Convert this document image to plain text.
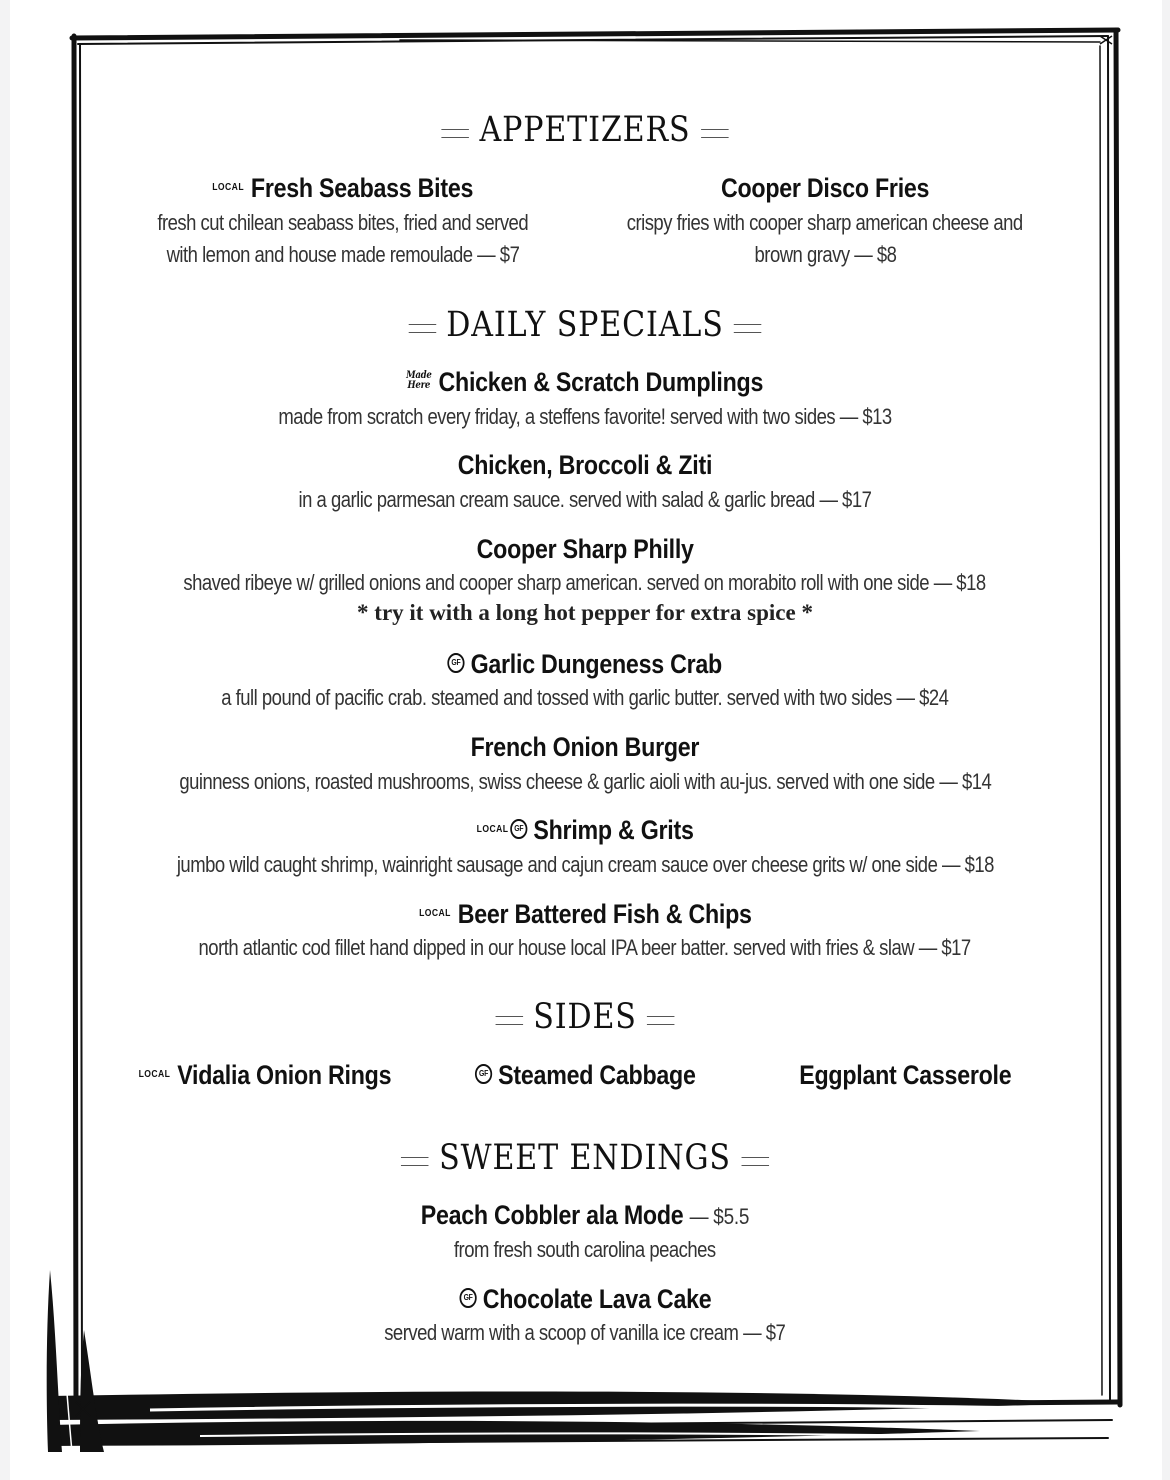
APPETIZERS
LOCAL Fresh Seabass Bites
fresh cut chilean seabass bites, fried and served
with lemon and house made remoulade — $7
Cooper Disco Fries
crispy fries with cooper sharp american cheese and
brown gravy — $8
DAILY SPECIALS
Made
Here Chicken & Scratch Dumplings
made from scratch every friday, a steffens favorite! served with two sides — $13
Chicken, Broccoli & Ziti
in a garlic parmesan cream sauce. served with salad & garlic bread — $17
Cooper Sharp Philly
shaved ribeye w/ grilled onions and cooper sharp american. served on morabito roll with one side — $18
* try it with a long hot pepper for extra spice *
GF Garlic Dungeness Crab
a full pound of pacific crab. steamed and tossed with garlic butter. served with two sides — $24
French Onion Burger
guinness onions, roasted mushrooms, swiss cheese & garlic aioli with au-jus. served with one side — $14
LOCAL GF Shrimp & Grits
jumbo wild caught shrimp, wainright sausage and cajun cream sauce over cheese grits w/ one side — $18
LOCAL Beer Battered Fish & Chips
north atlantic cod fillet hand dipped in our house local IPA beer batter. served with fries & slaw — $17
SIDES
LOCAL Vidalia Onion Rings	GF Steamed Cabbage	Eggplant Casserole
SWEET ENDINGS
Peach Cobbler ala Mode — $5.5
from fresh south carolina peaches
GF Chocolate Lava Cake
served warm with a scoop of vanilla ice cream — $7
